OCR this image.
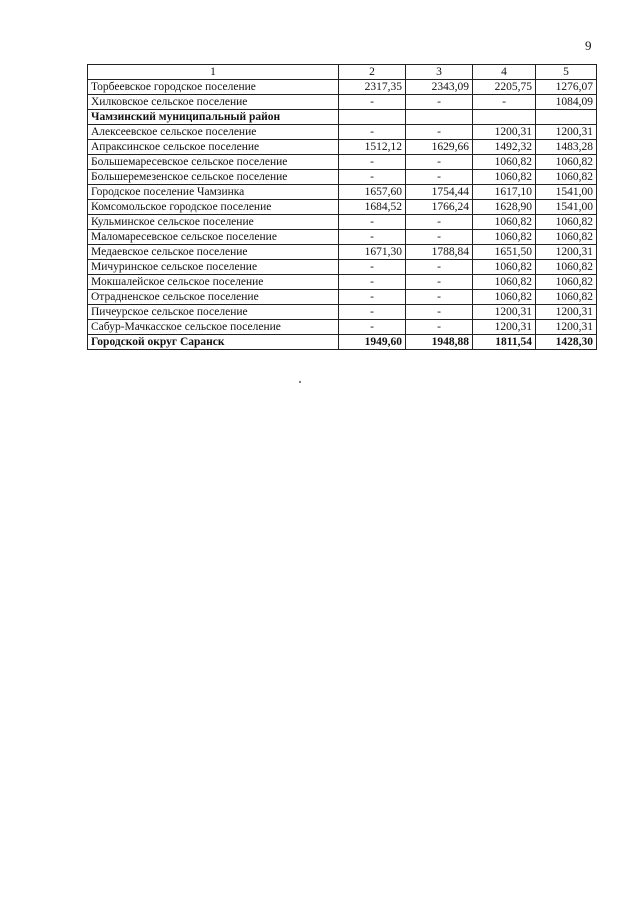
9
1	2	3	4	5
Торбеевское городское поселение	2317,35	2343,09	2205,75	1276,07
Хилковское сельское поселение	-	-	-	1084,09
Чамзинский муниципальный район				
Алексеевское сельское поселение	-	-	1200,31	1200,31
Апраксинское сельское поселение	1512,12	1629,66	1492,32	1483,28
Большемаресевское сельское поселение	-	-	1060,82	1060,82
Большеремезенское сельское поселение	-	-	1060,82	1060,82
Городское поселение Чамзинка	1657,60	1754,44	1617,10	1541,00
Комсомольское городское поселение	1684,52	1766,24	1628,90	1541,00
Кульминское сельское поселение	-	-	1060,82	1060,82
Маломаресевское сельское поселение	-	-	1060,82	1060,82
Медаевское сельское поселение	1671,30	1788,84	1651,50	1200,31
Мичуринское сельское поселение	-	-	1060,82	1060,82
Мокшалейское сельское поселение	-	-	1060,82	1060,82
Отрадненское сельское поселение	-	-	1060,82	1060,82
Пичеурское сельское поселение	-	-	1200,31	1200,31
Сабур-Мачкасское сельское поселение	-	-	1200,31	1200,31
Городской округ Саранск	1949,60	1948,88	1811,54	1428,30
